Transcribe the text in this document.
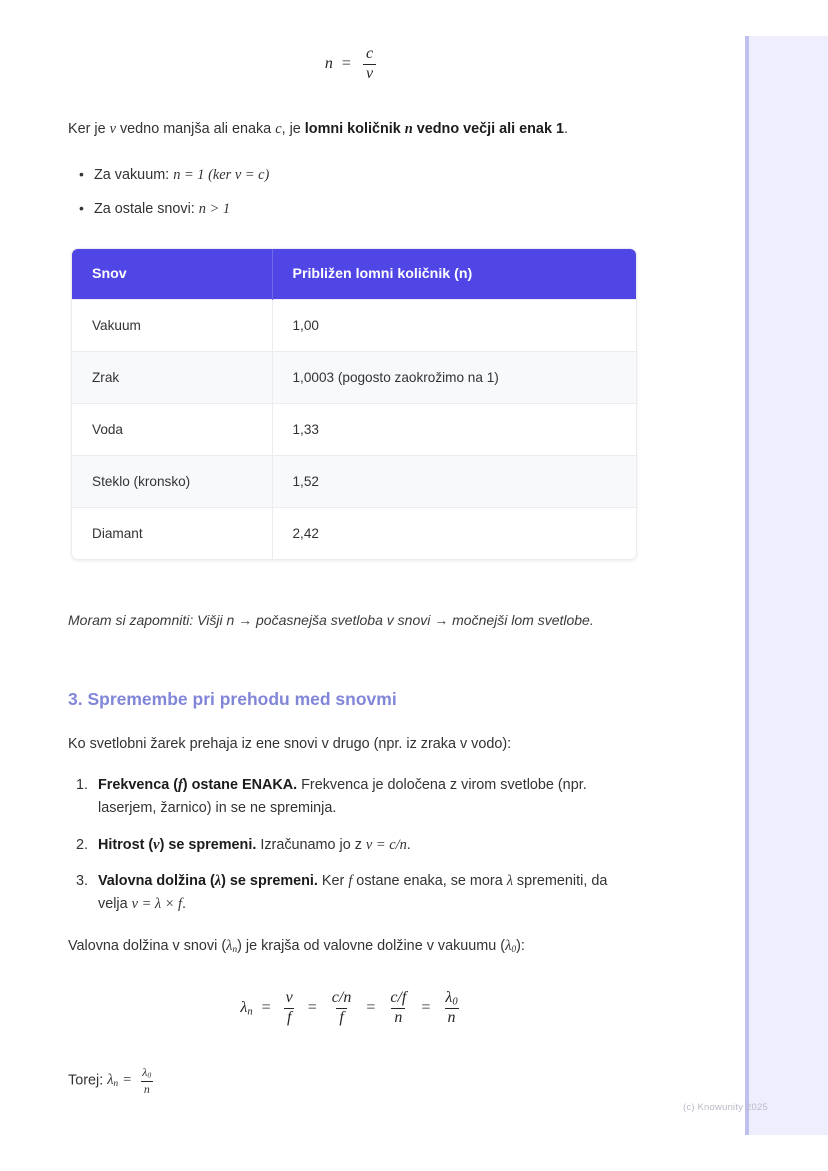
$n = \frac{c}{v}$

Ker je v vedno manjša ali enaka c, je lomni količnik n vedno večji ali enak 1.

• Za vakuum: n = 1 (ker v = c)
• Za ostale snovi: n > 1
Snov	Približen lomni količnik (n)
Vakuum	1,00
Zrak	1,0003 (pogosto zaokrožimo na 1)
Voda	1,33
Steklo (kronsko)	1,52
Diamant	2,42

Moram si zapomniti: Višji n → počasnejša svetloba v snovi → močnejši lom svetlobe.

3. Spremembe pri prehodu med snovmi

Ko svetlobni žarek prehaja iz ene snovi v drugo (npr. iz zraka v vodo):

Frekvenca (f) ostane ENAKA. Frekvenca je določena z virom svetlobe (npr. laserjem, žarnico) in se ne spreminja.
Hitrost (v) se spremeni. Izračunamo jo z v = c/n.
Valovna dolžina (λ) se spremeni. Ker f ostane enaka, se mora λ spremeniti, da velja v = λ × f.

Valovna dolžina v snovi $(\lambda_n)$ je krajša od valovne dolžine v vakuumu $(\lambda_0)$:

$\lambda_n = \frac{v}{f} = \frac{c/n}{f} = \frac{c/f}{n} = \frac{\lambda_0}{n}$

Torej: $\lambda_n = \frac{\lambda_0}{n}$

(c) Knowunity 2025
